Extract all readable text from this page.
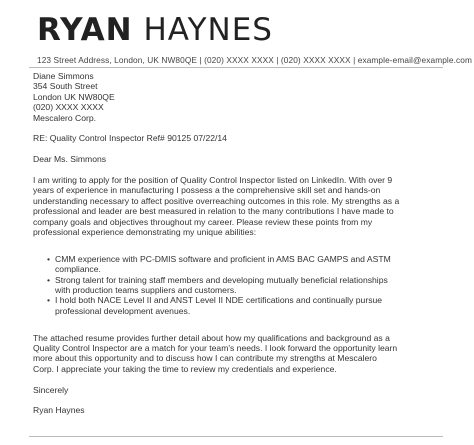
RYAN HAYNES
123 Street Address, London, UK NW80QE | (020) XXXX XXXX | (020) XXXX XXXX | example-email@example.com
Diane Simmons
354 South Street
London UK NW80QE
(020) XXXX XXXX
Mescalero Corp.
RE: Quality Control Inspector Ref# 90125 07/22/14
Dear Ms. Simmons
I am writing to apply for the position of Quality Control Inspector listed on LinkedIn. With over 9
years of experience in manufacturing I possess a the comprehensive skill set and hands-on
understanding necessary to affect positive overreaching outcomes in this role. My strengths as a
professional and leader are best measured in relation to the many contributions I have made to
company goals and objectives throughout my career. Please review these points from my
professional experience demonstrating my unique abilities:
• CMM experience with PC-DMIS software and proficient in AMS BAC GAMPS and ASTM
compliance.
• Strong talent for training staff members and developing mutually beneficial relationships
with production teams suppliers and customers.
• I hold both NACE Level II and ANST Level II NDE certifications and continually pursue
professional development avenues.
The attached resume provides further detail about how my qualifications and background as a
Quality Control Inspector are a match for your team's needs. I look forward the opportunity learn
more about this opportunity and to discuss how I can contribute my strengths at Mescalero
Corp. I appreciate your taking the time to review my credentials and experience.
Sincerely
Ryan Haynes
